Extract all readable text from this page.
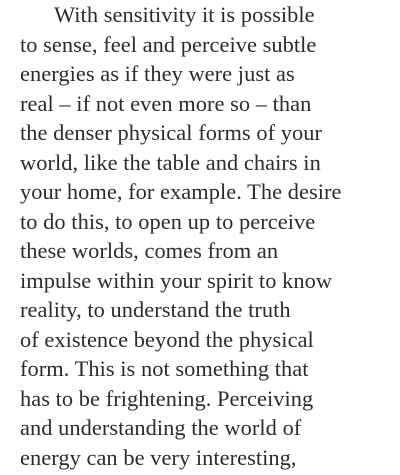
With sensitivity it is possible
to sense, feel and perceive subtle
energies as if they were just as
real – if not even more so – than
the denser physical forms of your
world, like the table and chairs in
your home, for example. The desire
to do this, to open up to perceive
these worlds, comes from an
impulse within your spirit to know
reality, to understand the truth
of existence beyond the physical
form. This is not something that
has to be frightening. Perceiving
and understanding the world of
energy can be very interesting,
